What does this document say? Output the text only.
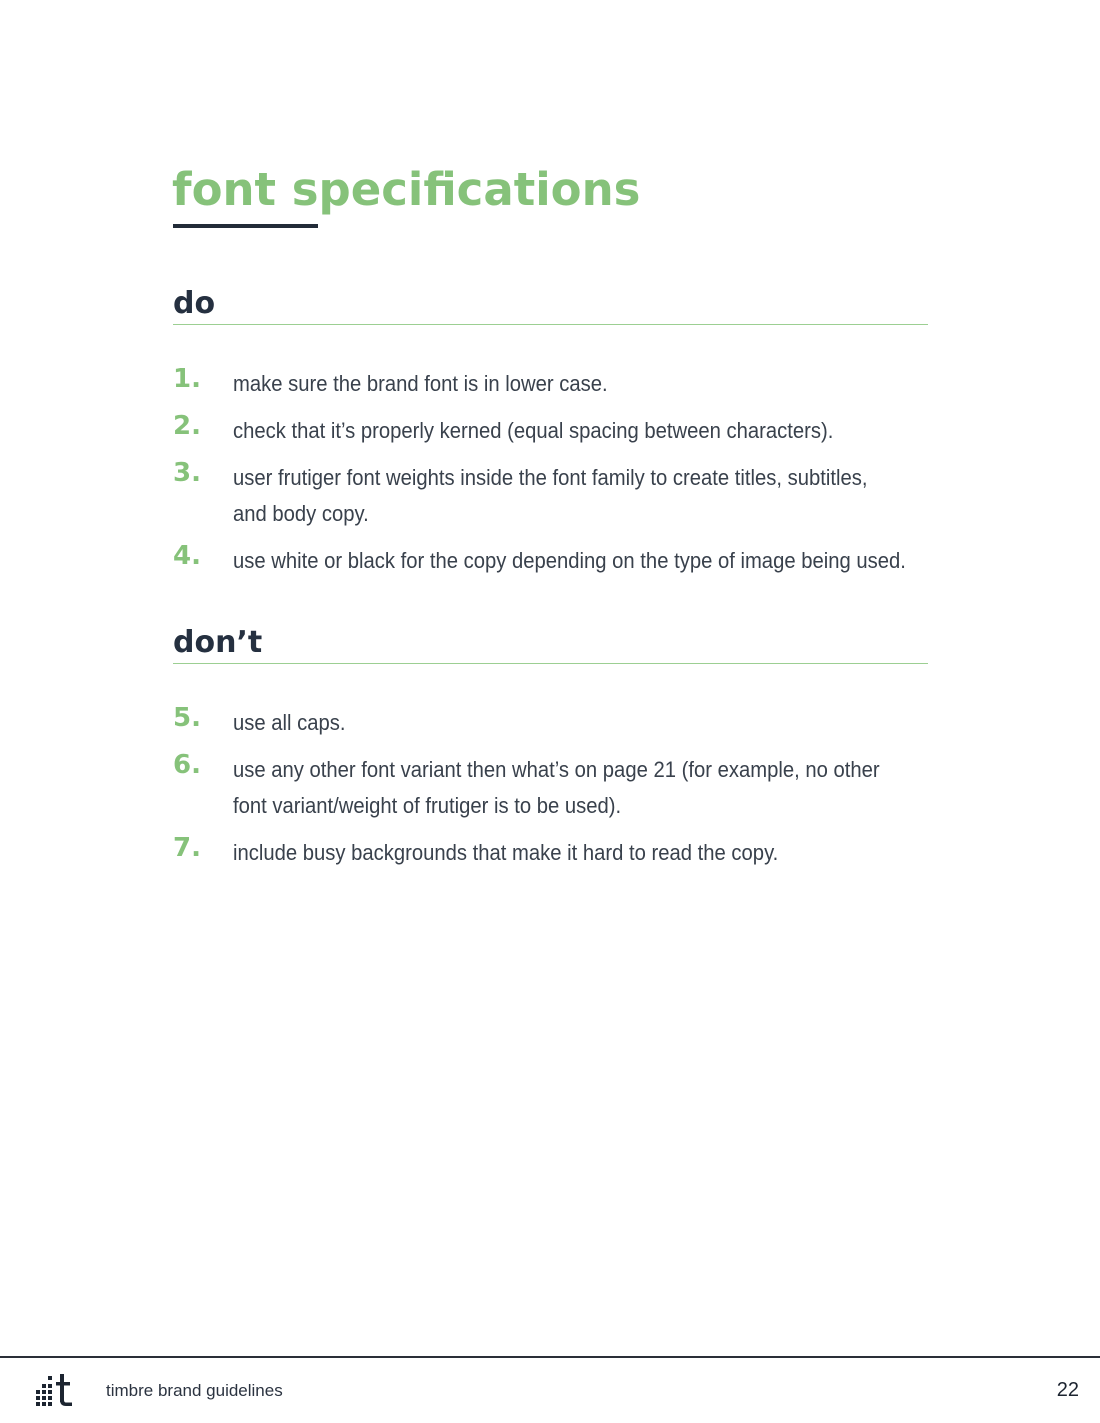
font specifications
do
1. make sure the brand font is in lower case.
2. check that it’s properly kerned (equal spacing between characters).
3. user frutiger font weights inside the font family to create titles, subtitles, and body copy.
4. use white or black for the copy depending on the type of image being used.
don’t
5. use all caps.
6. use any other font variant then what’s on page 21 (for example, no other font variant/weight of frutiger is to be used).
7. include busy backgrounds that make it hard to read the copy.
timbre brand guidelines	22
